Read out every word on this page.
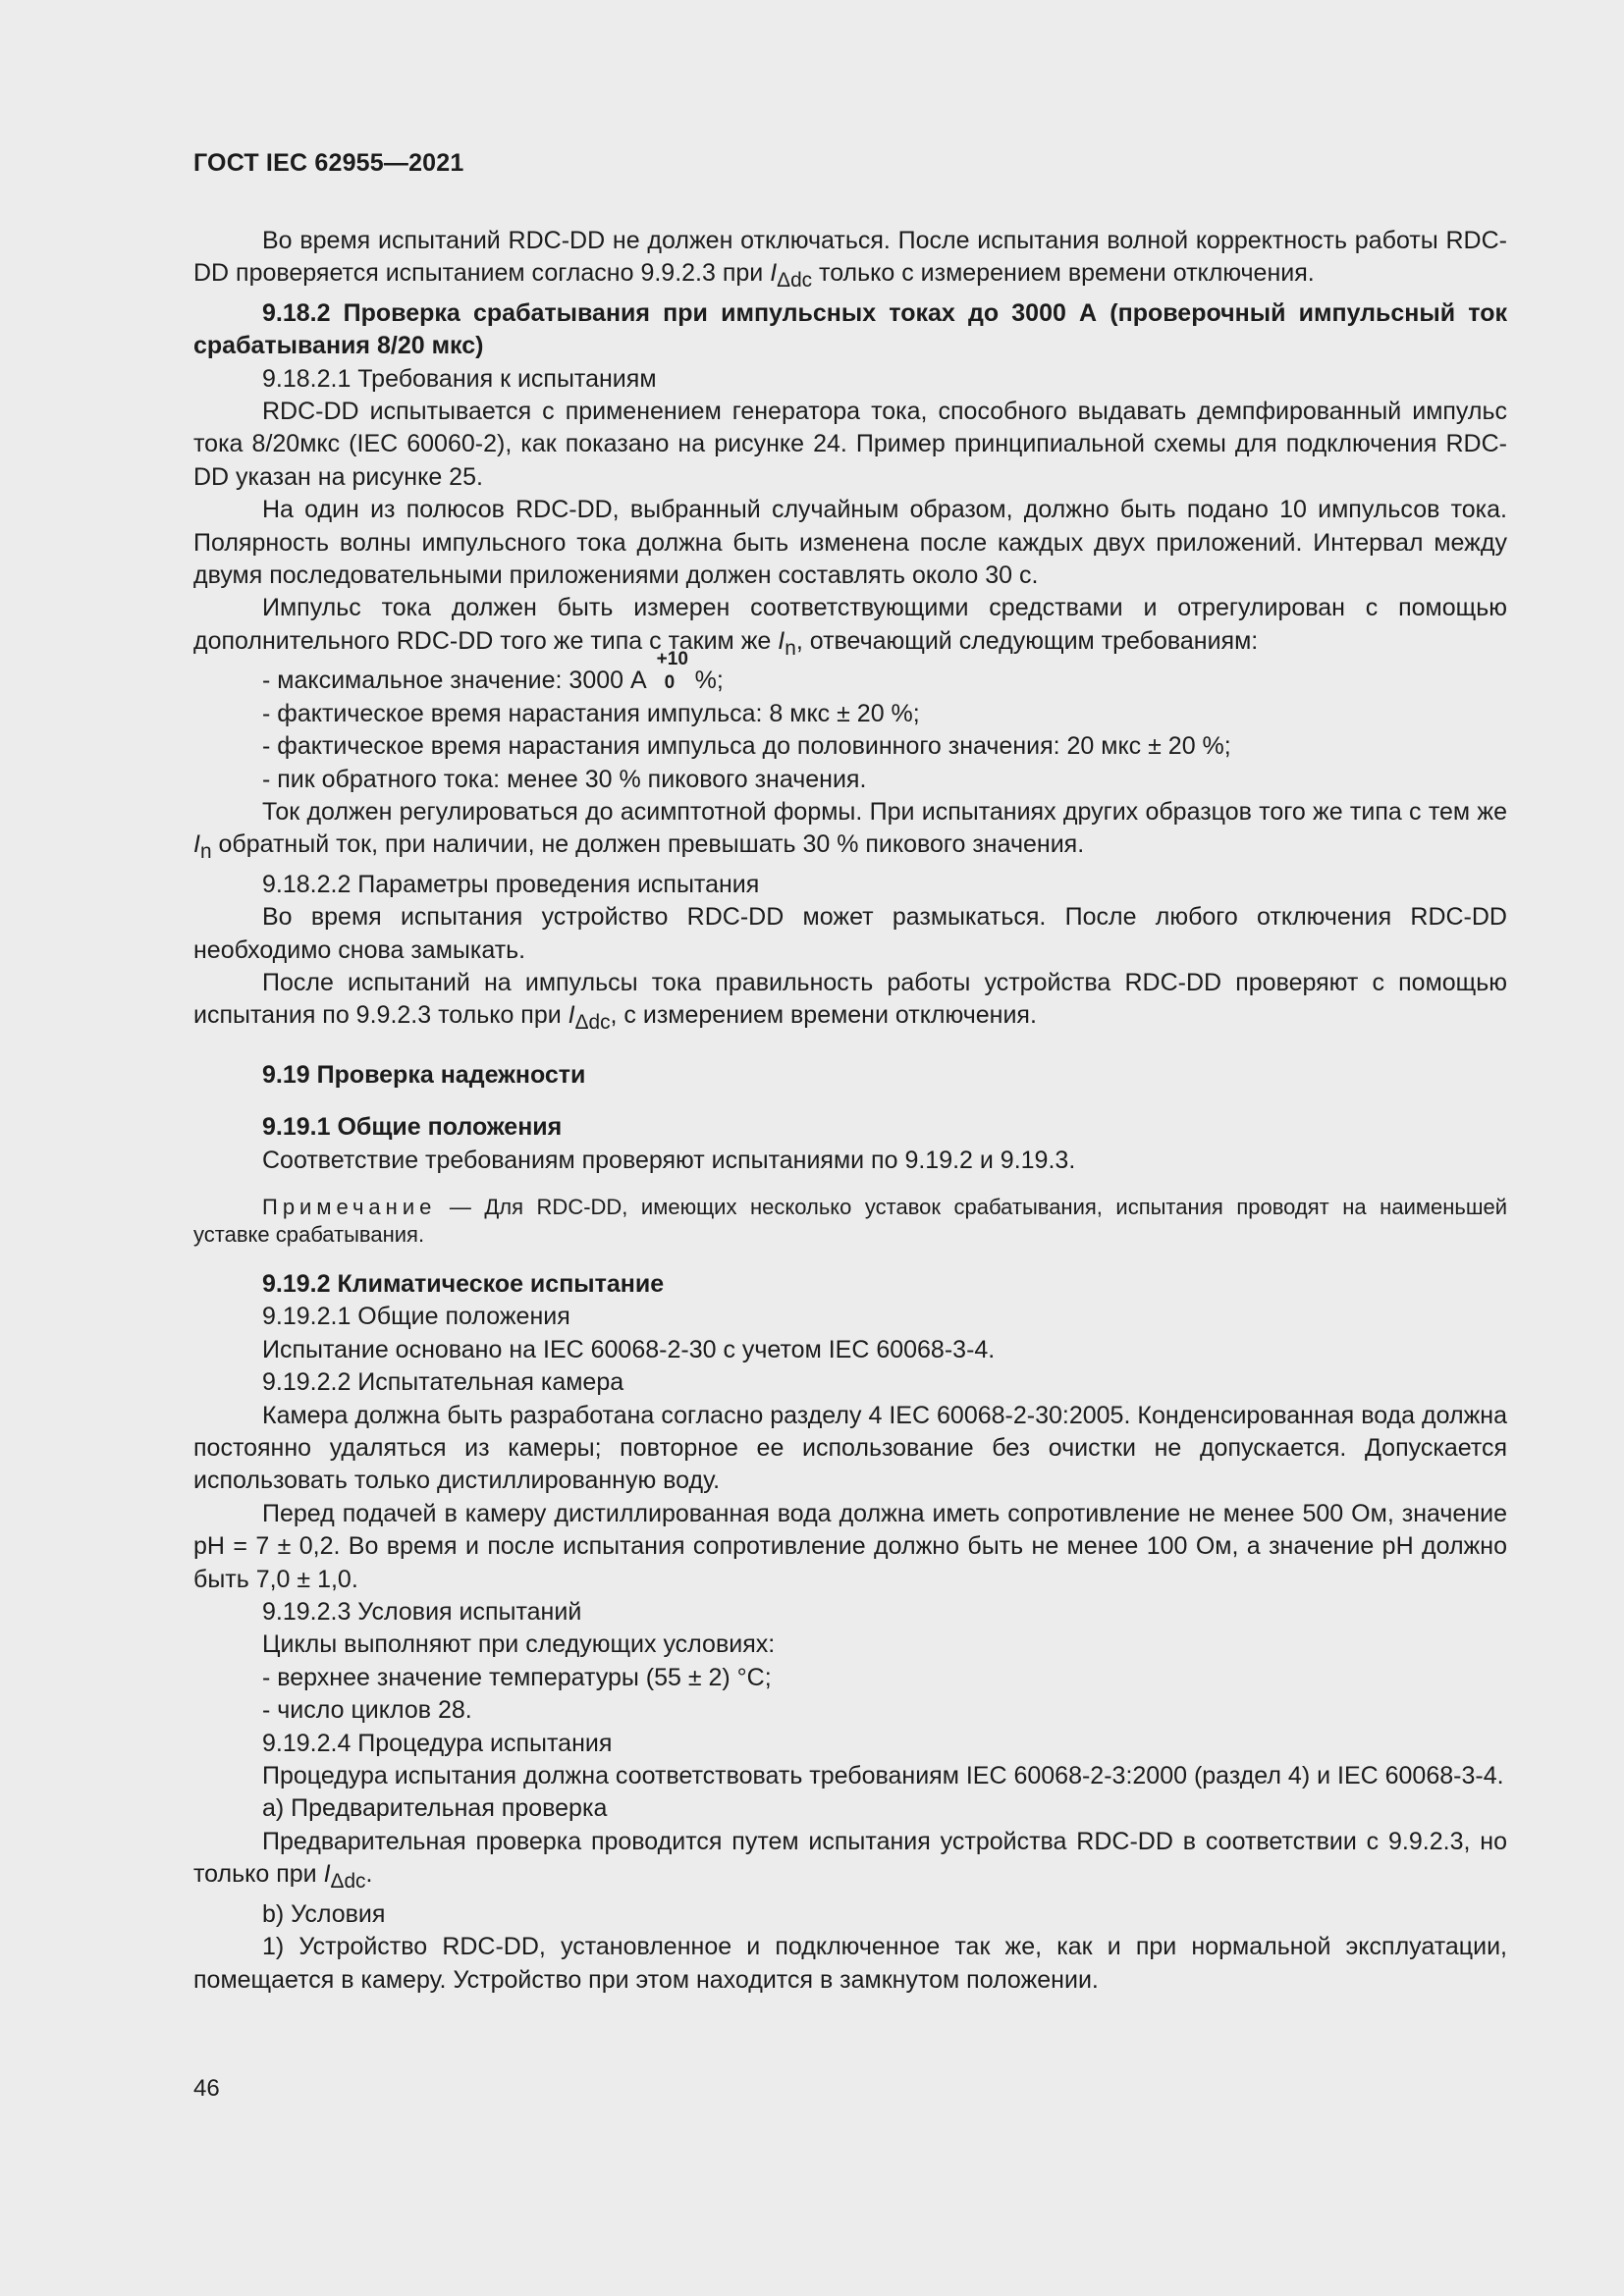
ГОСТ IEC 62955—2021

Во время испытаний RDC-DD не должен отключаться. После испытания волной корректность работы RDC-DD проверяется испытанием согласно 9.9.2.3 при $I_{\Delta dc}$ только с измерением времени отключения.

9.18.2 Проверка срабатывания при импульсных токах до 3000 А (проверочный импульсный ток срабатывания 8/20 мкс)

9.18.2.1 Требования к испытаниям

RDC-DD испытывается с применением генератора тока, способного выдавать демпфированный импульс тока 8/20мкс (IEC 60060-2), как показано на рисунке 24. Пример принципиальной схемы для подключения RDC-DD указан на рисунке 25.

На один из полюсов RDC-DD, выбранный случайным образом, должно быть подано 10 импульсов тока. Полярность волны импульсного тока должна быть изменена после каждых двух приложений. Интервал между двумя последовательными приложениями должен составлять около 30 с.

Импульс тока должен быть измерен соответствующими средствами и отрегулирован с помощью дополнительного RDC-DD того же типа с таким же $I_n$, отвечающий следующим требованиям:

- максимальное значение: 3000 А
+10
0 %;

- фактическое время нарастания импульса: 8 мкс ± 20 %;

- фактическое время нарастания импульса до половинного значения: 20 мкс ± 20 %;

- пик обратного тока: менее 30 % пикового значения.

Ток должен регулироваться до асимптотной формы. При испытаниях других образцов того же типа с тем же $I_n$ обратный ток, при наличии, не должен превышать 30 % пикового значения.

9.18.2.2 Параметры проведения испытания

Во время испытания устройство RDC-DD может размыкаться. После любого отключения RDC-DD необходимо снова замыкать.

После испытаний на импульсы тока правильность работы устройства RDC-DD проверяют с помощью испытания по 9.9.2.3 только при $I_{\Delta dc}$, с измерением времени отключения.

9.19 Проверка надежности

9.19.1 Общие положения

Соответствие требованиям проверяют испытаниями по 9.19.2 и 9.19.3.

Примечание — Для RDC-DD, имеющих несколько уставок срабатывания, испытания проводят на наименьшей уставке срабатывания.

9.19.2 Климатическое испытание

9.19.2.1 Общие положения

Испытание основано на IEC 60068-2-30 с учетом IEC 60068-3-4.

9.19.2.2 Испытательная камера

Камера должна быть разработана согласно разделу 4 IEC 60068-2-30:2005. Конденсированная вода должна постоянно удаляться из камеры; повторное ее использование без очистки не допускается. Допускается использовать только дистиллированную воду.

Перед подачей в камеру дистиллированная вода должна иметь сопротивление не менее 500 Ом, значение pH = 7 ± 0,2. Во время и после испытания сопротивление должно быть не менее 100 Ом, а значение pH должно быть 7,0 ± 1,0.

9.19.2.3 Условия испытаний

Циклы выполняют при следующих условиях:

- верхнее значение температуры (55 ± 2) °С;

- число циклов 28.

9.19.2.4 Процедура испытания

Процедура испытания должна соответствовать требованиям IEC 60068-2-3:2000 (раздел 4) и IEC 60068-3-4.

a) Предварительная проверка

Предварительная проверка проводится путем испытания устройства RDC-DD в соответствии с 9.9.2.3, но только при $I_{\Delta dc}$.

b) Условия

1) Устройство RDC-DD, установленное и подключенное так же, как и при нормальной эксплуатации, помещается в камеру. Устройство при этом находится в замкнутом положении.

46
